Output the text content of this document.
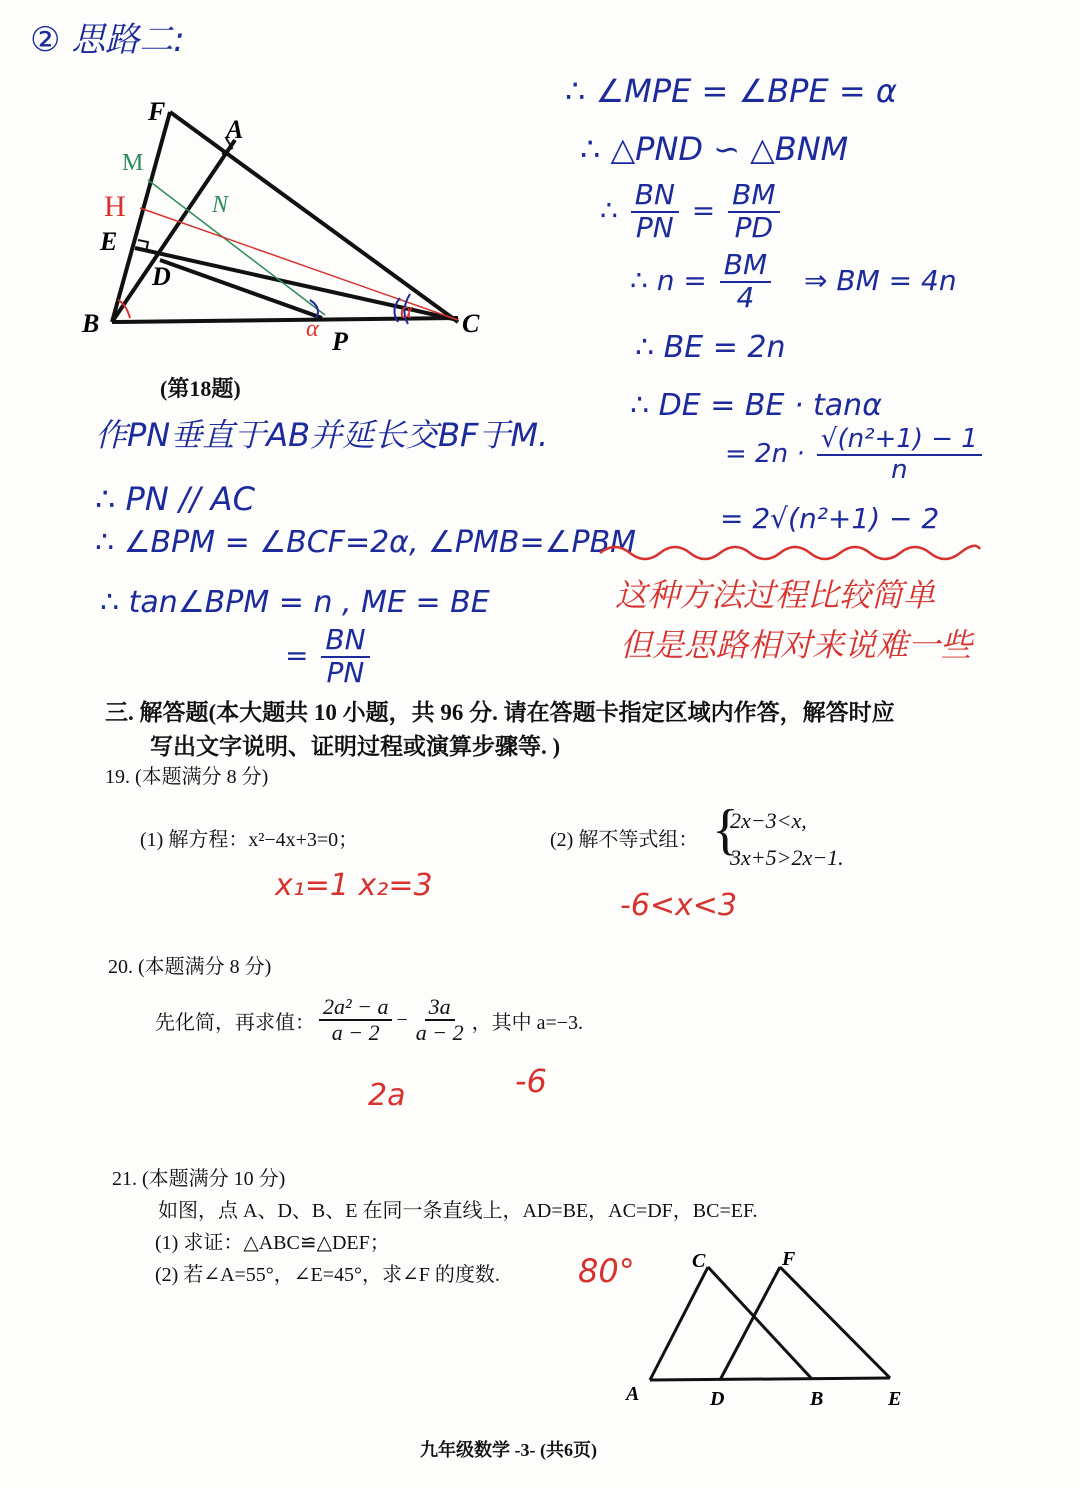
② 思路二:
F
A
M
N
H
E
D
B
P
C
α
α
(第18题)
作PN垂直于AB并延长交BF于M.
∴ PN // AC
∴ ∠BPM = ∠BCF=2α, ∠PMB=∠PBM
∴ tan∠BPM = n , ME = BE
= $\frac{BN}{PN}$
∴ ∠MPE = ∠BPE = α
∴ △PND ∽ △BNM
∴ $\frac{BN}{PN} = \frac{BM}{PD}$
∴ $n = \frac{BM}{4}$ ⇒ BM = 4n
∴ BE = 2n
∴ DE = BE · tanα
= $2n \cdot \frac{\text{√(n²+1) − 1}}{n}$
= 2√(n²+1) − 2
这种方法过程比较简单
但是思路相对来说难一些
三. 解答题(本大题共 10 小题，共 96 分. 请在答题卡指定区域内作答，解答时应
写出文字说明、证明过程或演算步骤等. )
19. (本题满分 8 分)
(1) 解方程：x²−4x+3=0；	(2) 解不等式组： {
2x−3<x,
3x+5>2x−1.
x₁=1 x₂=3
-6<x<3
20. (本题满分 8 分)
先化简，再求值： $\frac{\text{2a² − a}}{a - 2} - \frac{3a}{a - 2}$ ，其中 a=−3.
2a	-6
21. (本题满分 10 分)
如图，点 A、D、B、E 在同一条直线上，AD=BE，AC=DF，BC=EF.
(1) 求证：△ABC≌△DEF；
(2) 若∠A=55°，∠E=45°，求∠F 的度数. 80°
A
C
D
F
B	E
九年级数学 -3- (共6页)
